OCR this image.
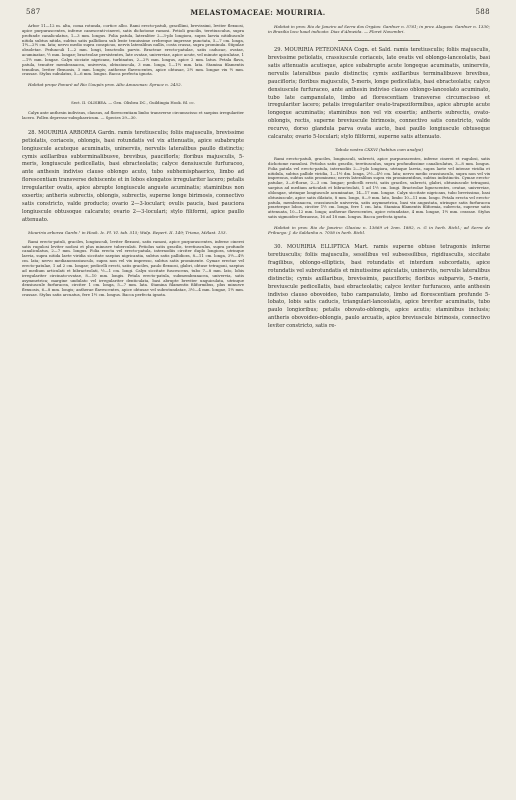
587	MELASTOMACEAE: MOURIRIA.	588

Arbor 11—12 m. alta, coma rotunda, cortice albo. Rami erecto-patuli, gracillimi, brevissimi, leviter flexuosi, apice purpurascentes, inferne canescenti-cinerei, satis dichotome ramosi. Petioli gracilis, teretiusculus, supra profunde canaliculatus, 1—3 mm. longus. Folia patula, lateraliter 2—3-plo longiora, supra laevia nitidiuscule nitida subtus nitida, subtus satis pallidiora sub lente tenuissime crebreque impresse punctata, 5—7 cm. longa, 1½—2½ cm. lata; nervo medio supra conspicuo, nervis lateralibus nullis, costa crassa, supra prominula. Stipulae obsoletae. Pedunculi 1—2 mm. longi, bracteolis parvis. Bracteae erecto-patulae, satis caducae, ovatae, acuminatae, ½ mm. longae; bracteolae persistentes, late ovatae, univerviae, apice acute, vel minute apiculatae, 1—1½ mm. longae. Calyx sicciate nigricans, turbinatus, 2—2½ mm. longus, apice 2 mm. latus. Petala flava, patula, tenuiter membranacea, univervia, obtusiuscula, 3 mm. longa, 1—1½ mm. lata. Stamina filamentis tenuibus, leviter flexuosis, 3 mm. longis; antherae flavescentes, apice obtusae, 2½ mm. longae vix ½ mm. crassae. Stylus subulatus, 5—6 mm. longus. Bacca perfecta ignota.

Habitat prope Panuré ad Rio Uaupés prov. Alto Amazonas: Spruce n. 2452.

Sect. II. OLISBEA. — Gen. Olisbea DC., Guildingia Hook. fil. cc.

Calyx ante anthesin indivisus, clausus, ad florescentiam limbo transverse circumscisso et saepius irregulariter lacero. Pollen depresso-subsphaericum. — Species 29—30.

28. MOURIRIA ARBOREA Gardn. ramis teretiusculis; foliis majusculis, brevissime petiolatis, coriaceis, oblongis, basi rotundatis vel vix attenuatis, apice subabrupte longiuscule acuteque acuminatis, uninerviis, nervulis lateralibus paullo distinctis; cymis axillaribus subterminalibusve, brevibus, pauciflorls; floribus majusculis, 5-meris, longiuscule pedicellatis, basi ebracteolatis; calyce densiuscule furfuraceo, ante anthesin indiviso clauso oblongo acuto, tubo subhemisphaerico, limbo ad florescentiam transverse dehiscente et in lobos elongatos irregulariter lacero; petalis irregulariter ovatis, apice abrupte longiuscule anguste acuminatis; staminibus non exsertis; antheris subrectis, oblongis, subrectis, superne longe birimosis, connectivo satis constricto, valde producto; ovario 2—3-loculari; ovulis paucis, basi pauciora longiuscule obtusoque calcarato; ovario 2—3-loculari; stylo filiformi, apice paullo attenuato.

Mouriria arborea Gardn.¹ in Hook. Ic. Pl. VI. tab. 515; Walp. Repert. II. 149; Triana, Mélast. 153.

Rami erecto-patuli, graciles, longiusculi, leviter flexuosi, satis ramosi, apice purpurascentes, inferne cinerei satis rugulosi leviter nodosi et plus minusve tuberculati. Petiolus satis gracilis, teretiusculus, supra profunde canaliculatus, 2—7 mm. longus. Folia erecta vel erecto-patula, internodiis circiter duplo longiora, utrinque laevia, supra nitida laete viridia siccitate saepius nigricantia, subtus satis pallidiora, 8—11 cm. longa, 3½—4½ cm. lata; nervo medianorassiusculo, supra non vel vix impresso, subtus satis prominente. Cymae erectae vel erecto-patulae, 1 ad 2 cm. longae; pedicelli erecti, satis graciles, paulo flexuosi, glabri, obtuse tetragoni, saepius ad medium articulati et bibracteolati, ½—1 cm. longi. Calyx siccitate fuscescens, tubo 7—8 mm. lato, lobis irregulariter circinato-ovatae, 8—10 mm. longis. Petala erecto-patula, submembranacea, univervia, satis asymmetrica; margine undulato vel irregulariter denticulata, basi abrupte breviter unguiculata, utrinque densiuscule furfuracea, circiter 1 cm. longa, 5—7 mm. lata. Stamina filamentis filiformibus, plus minusve flexuosis, 6—8 mm. longis; antherae flavescentes, apice obtusae vel subrotundatae, 3½—4 mm. longae, 1½ mm. crassae. Stylus satis arcuatus, fere 1½ cm. longus. Bacca perfecta ignota.

Habitat in prov. Rio de Janeiro ad Serra dos Orgãos: Gardner n. 5761; in prov. Alagoas: Gardner n. 1330; in Brasilia loco haud indicato: Diaz d'Almeida. — Floret Novembri.

29. MOURIRIA PETEONIANA Cogn. et Sald. ramis teretiusculis; foliis majusculis, brevissime petiolatis, crassiuscule coriaceis, late ovatis vel oblongo-lanceolatis, basi satis attenuatis acutisque, apice subabrupte acute longeque acuminatis, uninerviis, nervulis lateralibus paulo distinctis; cymis axillaribus terminalibusve brevibus, paucifloris; floribus majusculis, 5-meris, longe pedicellatis, basi ebracteolatis; calyce densiuscule furfuraceo, ante anthesin indiviso clauso oblongo-lanceolato acuminato, tubo late campanulato, limbo ad florescentiam transverse circumscisso et irregulariter lacero; petalis irregulariter ovato-trapeziformibus, apice abrupte acute longeque acuminatis; staminibus non vel vix exsertis; antheris subrectis, ovato-oblongis, rectis, superne breviuscule birimosis, connectivo satis constricto, valde recurvo, dorso glandula parva ovata aucto, basi paullo longiuscule obtuseque calcarato; ovario 5-loculari; stylo filiformi, superne satis attenuato.

Tabula nostra CXXVI (habitus cum analysi)

Rami erecto-patuli, graciles, longiusculi, subrecti, apice purpurascentes, inferne cinerei et rugulosi, satis dichotome ramulosi. Petiolus satis gracilis, teretiusculus, supra profundissime canaliculatus, 3—8 mm. longus. Folia patula vel erecto-patula, internodiis 2—3-plo longiora, utrinque laevia, supra laete vel intense viridia et nitidula, subtus pallide viridia, 1—1½ dm. longa, 2½—4½ cm. lata; nervo medio crassiusculo, supra non vel vix impressus, subtus satis prominens; nervis lateralibus supra vix prominentibus, subtus indistinctis. Cymae erecto-patulae, 3—6-florae, 2—3 cm. longae; pedicelli erecti, satis graciles, subrecti, glabri, obtusiuscule tetragoni, saepius ad medium articulati et bibracteolati, 1 ad 1½ cm. longi. Bracteolae lignescentes, ovatae, univerviae, oblongae, utrinque longiuscule acuminatae, 14—17 mm. longae. Calyx siccitate nigricans, tubo brevissimo, basi obtusiuscule, apice satis dilatato, 8 mm. longo, 8—9 mm. lato, limbo 10—11 mm. longo. Petala erecta vel erecto-patula, membranacea, crassiuscule univervia, satis asymmetrica, basi vix angustata, utrinque satis furfuracea praeterque lobos, circiter 1½ cm. longa, fere 1 cm. lata. Stamina filamentis filiformia, subrecta, superne satis attenuata, 10—12 mm. longa; antherae flavescentes, apice rotundatae, 4 mm. longae, 1½ mm. crassae. Stylus satis sigmoideo-flexuosus, 16 ad 18 mm. longus. Bacca perfecta ignota.

Habitat in prov. Rio de Janeiro: Glaziou n. 13669 et 2nm. 1882, n. G in herb. Richl.; ad Serra de Friburgo: J. de Saldanha n. 7058 in herb. Richl.

30. MOURIRIA ELLIPTICA Mart. ramis superne obtuse tetragonis inferne teretiusculis; foliis majusculis, sessilibus vel subsessilibus, rigidiusculis, siccitate fragilibus, oblongo-ellipticis, basi rotundatis et interdum subcordatis, apice rotundatis vel subrotundatis et minutissime apiculatis, uninerviis, nervulis lateralibus distinctis; cymis axillaribus, brevissimis, paucifloris; floribus subparvis, 5-meris, breviuscule pedicellatis, basi ebracteolatis; calyce leviter furfuraceo, ante anthesin indiviso clauso obovoideo, tubo campanulato, limbo ad florescentiam profunde 5-lobato, lobis satis caducis, triangulari-lanceolatis, apice breviter acuminatis, tubo paulo longioribus; petalis obovato-oblongis, apice acutis; staminibus inclusis; antheris obovoideo-oblongis, paulo arcuatis, apice breviuscule birimosis, connectivo leviter constricto, satis re-
